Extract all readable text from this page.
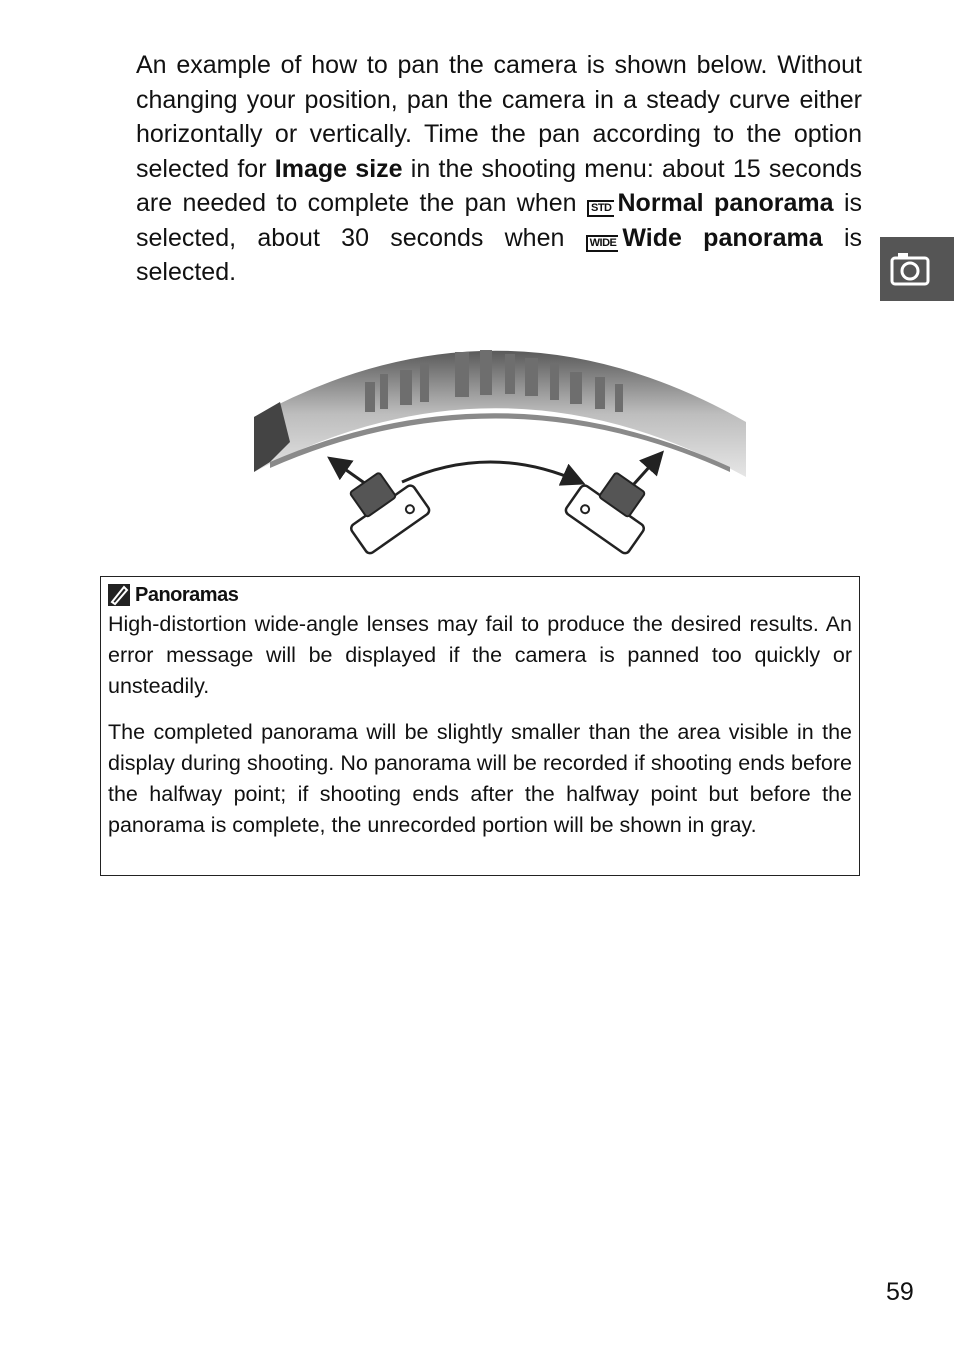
An example of how to pan the camera is shown below. Without changing your position, pan the camera in a steady curve either horizontally or vertically. Time the pan according to the option selected for Image size in the shooting menu: about 15 seconds are needed to complete the pan when STD Normal panorama is selected, about 30 seconds when WIDE Wide panorama is selected.

Panoramas

High-distortion wide-angle lenses may fail to produce the desired results. An error message will be displayed if the camera is panned too quickly or unsteadily.

The completed panorama will be slightly smaller than the area visible in the display during shooting. No panorama will be recorded if shooting ends before the halfway point; if shooting ends after the halfway point but before the panorama is complete, the unrecorded portion will be shown in gray.

59
